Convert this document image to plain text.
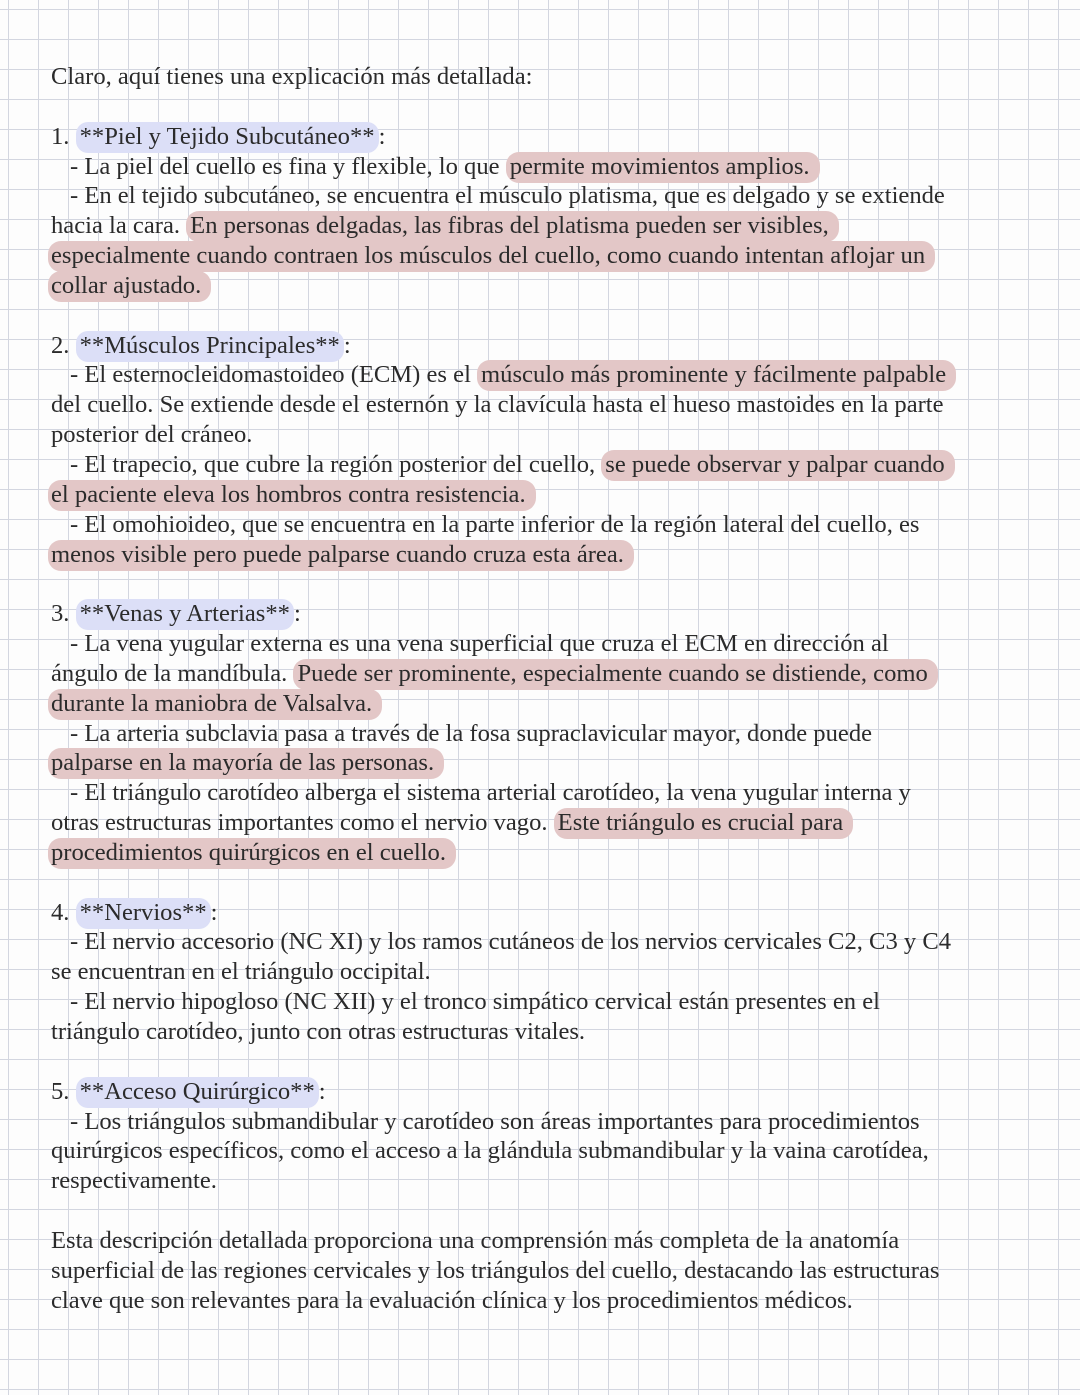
Claro, aquí tienes una explicación más detallada:
1. **Piel y Tejido Subcutáneo** :
- La piel del cuello es fina y flexible, lo que permite movimientos amplios.
- En el tejido subcutáneo, se encuentra el músculo platisma, que es delgado y se extiende
hacia la cara. En personas delgadas, las fibras del platisma pueden ser visibles,
especialmente cuando contraen los músculos del cuello, como cuando intentan aflojar un
collar ajustado.
2. **Músculos Principales** :
- El esternocleidomastoideo (ECM) es el músculo más prominente y fácilmente palpable
del cuello. Se extiende desde el esternón y la clavícula hasta el hueso mastoides en la parte
posterior del cráneo.
- El trapecio, que cubre la región posterior del cuello, se puede observar y palpar cuando
el paciente eleva los hombros contra resistencia.
- El omohioideo, que se encuentra en la parte inferior de la región lateral del cuello, es
menos visible pero puede palparse cuando cruza esta área.
3. **Venas y Arterias** :
- La vena yugular externa es una vena superficial que cruza el ECM en dirección al
ángulo de la mandíbula. Puede ser prominente, especialmente cuando se distiende, como
durante la maniobra de Valsalva.
- La arteria subclavia pasa a través de la fosa supraclavicular mayor, donde puede
palparse en la mayoría de las personas.
- El triángulo carotídeo alberga el sistema arterial carotídeo, la vena yugular interna y
otras estructuras importantes como el nervio vago. Este triángulo es crucial para
procedimientos quirúrgicos en el cuello.
4. **Nervios** :
- El nervio accesorio (NC XI) y los ramos cutáneos de los nervios cervicales C2, C3 y C4
se encuentran en el triángulo occipital.
- El nervio hipogloso (NC XII) y el tronco simpático cervical están presentes en el
triángulo carotídeo, junto con otras estructuras vitales.
5. **Acceso Quirúrgico** :
- Los triángulos submandibular y carotídeo son áreas importantes para procedimientos
quirúrgicos específicos, como el acceso a la glándula submandibular y la vaina carotídea,
respectivamente.
Esta descripción detallada proporciona una comprensión más completa de la anatomía
superficial de las regiones cervicales y los triángulos del cuello, destacando las estructuras
clave que son relevantes para la evaluación clínica y los procedimientos médicos.
